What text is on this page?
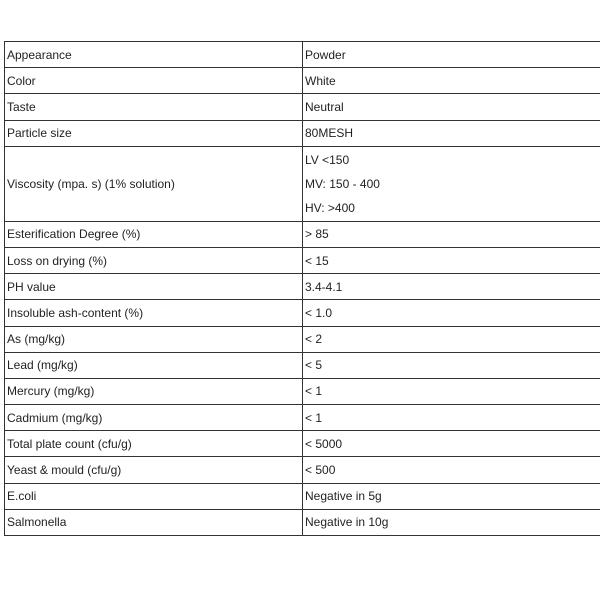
Appearance	Powder
Color	White
Taste	Neutral
Particle size	80MESH
Viscosity (mpa. s) (1% solution)	LV <150
MV: 150 - 400
HV: >400

Esterification Degree (%)	> 85
Loss on drying (%)	< 15
PH value	3.4-4.1
Insoluble ash-content (%)	< 1.0
As (mg/kg)	< 2
Lead (mg/kg)	< 5
Mercury (mg/kg)	< 1
Cadmium (mg/kg)	< 1
Total plate count (cfu/g)	< 5000
Yeast & mould (cfu/g)	< 500
E.coli	Negative in 5g
Salmonella	Negative in 10g
